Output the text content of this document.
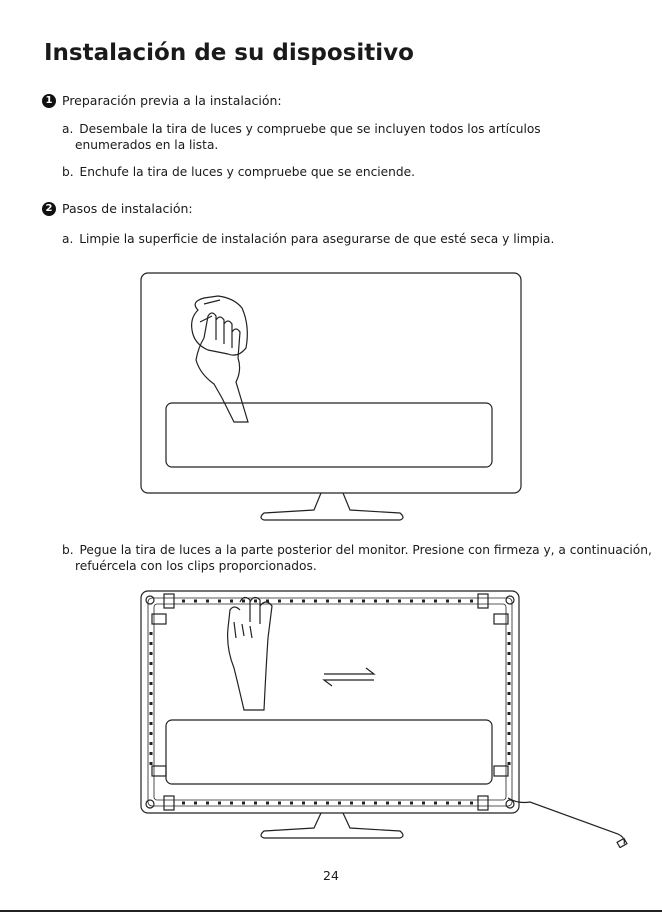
Instalación de su dispositivo
1 Preparación previa a la instalación:
a. Desembale la tira de luces y compruebe que se incluyen todos los artículos
enumerados en la lista.
b. Enchufe la tira de luces y compruebe que se enciende.
2 Pasos de instalación:
a. Limpie la superficie de instalación para asegurarse de que esté seca y limpia.
b. Pegue la tira de luces a la parte posterior del monitor. Presione con firmeza y, a continuación,
refuércela con los clips proporcionados.
24
